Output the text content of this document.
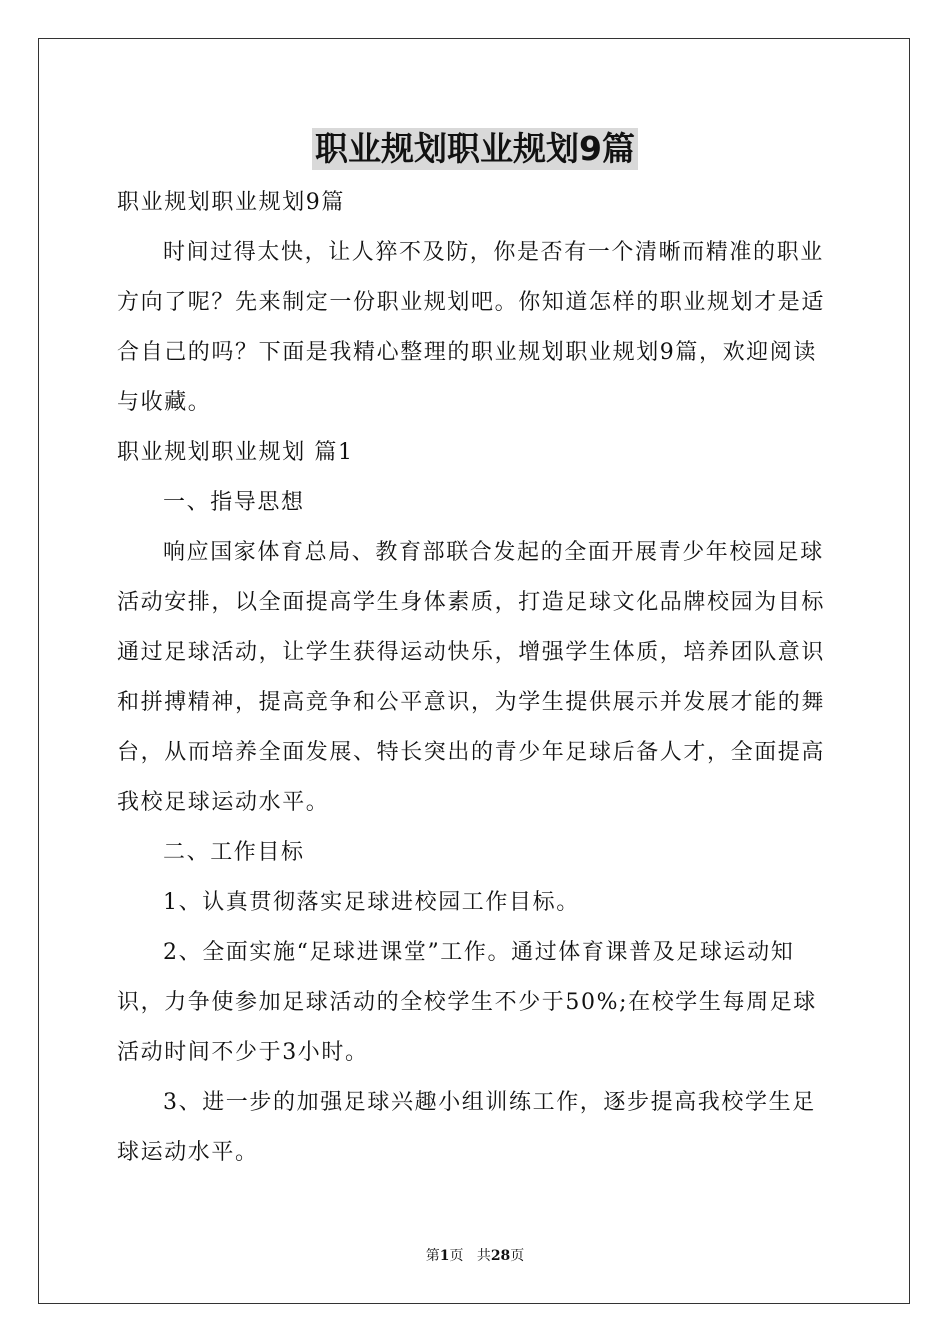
职业规划职业规划9篇
职业规划职业规划9篇
时间过得太快，让人猝不及防，你是否有一个清晰而精准的职业
方向了呢？先来制定一份职业规划吧。你知道怎样的职业规划才是适
合自己的吗？下面是我精心整理的职业规划职业规划9篇，欢迎阅读
与收藏。
职业规划职业规划 篇1
一、指导思想
响应国家体育总局、教育部联合发起的全面开展青少年校园足球
活动安排，以全面提高学生身体素质，打造足球文化品牌校园为目标
通过足球活动，让学生获得运动快乐，增强学生体质，培养团队意识
和拼搏精神，提高竞争和公平意识，为学生提供展示并发展才能的舞
台，从而培养全面发展、特长突出的青少年足球后备人才，全面提高
我校足球运动水平。
二、工作目标
1、认真贯彻落实足球进校园工作目标。
2、全面实施“足球进课堂”工作。通过体育课普及足球运动知
识，力争使参加足球活动的全校学生不少于50%;在校学生每周足球
活动时间不少于3小时。
3、进一步的加强足球兴趣小组训练工作，逐步提高我校学生足
球运动水平。
第1页 共28页
